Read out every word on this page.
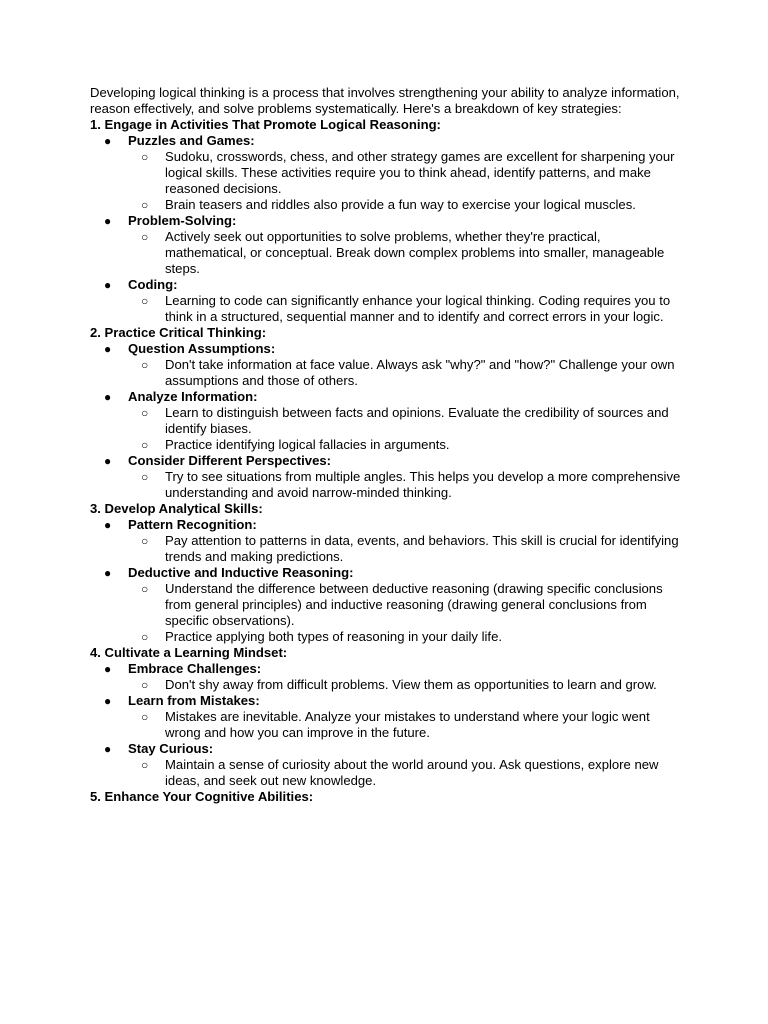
Developing logical thinking is a process that involves strengthening your ability to analyze information, reason effectively, and solve problems systematically. Here's a breakdown of key strategies:

1. Engage in Activities That Promote Logical Reasoning:
● Puzzles and Games:
○ Sudoku, crosswords, chess, and other strategy games are excellent for sharpening your logical skills. These activities require you to think ahead, identify patterns, and make reasoned decisions.
○ Brain teasers and riddles also provide a fun way to exercise your logical muscles.
● Problem-Solving:
○ Actively seek out opportunities to solve problems, whether they're practical, mathematical, or conceptual. Break down complex problems into smaller, manageable steps.
● Coding:
○ Learning to code can significantly enhance your logical thinking. Coding requires you to think in a structured, sequential manner and to identify and correct errors in your logic.
2. Practice Critical Thinking:
● Question Assumptions:
○ Don't take information at face value. Always ask "why?" and "how?" Challenge your own assumptions and those of others.
● Analyze Information:
○ Learn to distinguish between facts and opinions. Evaluate the credibility of sources and identify biases.
○ Practice identifying logical fallacies in arguments.
● Consider Different Perspectives:
○ Try to see situations from multiple angles. This helps you develop a more comprehensive understanding and avoid narrow-minded thinking.
3. Develop Analytical Skills:
● Pattern Recognition:
○ Pay attention to patterns in data, events, and behaviors. This skill is crucial for identifying trends and making predictions.
● Deductive and Inductive Reasoning:
○ Understand the difference between deductive reasoning (drawing specific conclusions from general principles) and inductive reasoning (drawing general conclusions from specific observations).
○ Practice applying both types of reasoning in your daily life.
4. Cultivate a Learning Mindset:
● Embrace Challenges:
○ Don't shy away from difficult problems. View them as opportunities to learn and grow.
● Learn from Mistakes:
○ Mistakes are inevitable. Analyze your mistakes to understand where your logic went wrong and how you can improve in the future.
● Stay Curious:
○ Maintain a sense of curiosity about the world around you. Ask questions, explore new ideas, and seek out new knowledge.
5. Enhance Your Cognitive Abilities:
